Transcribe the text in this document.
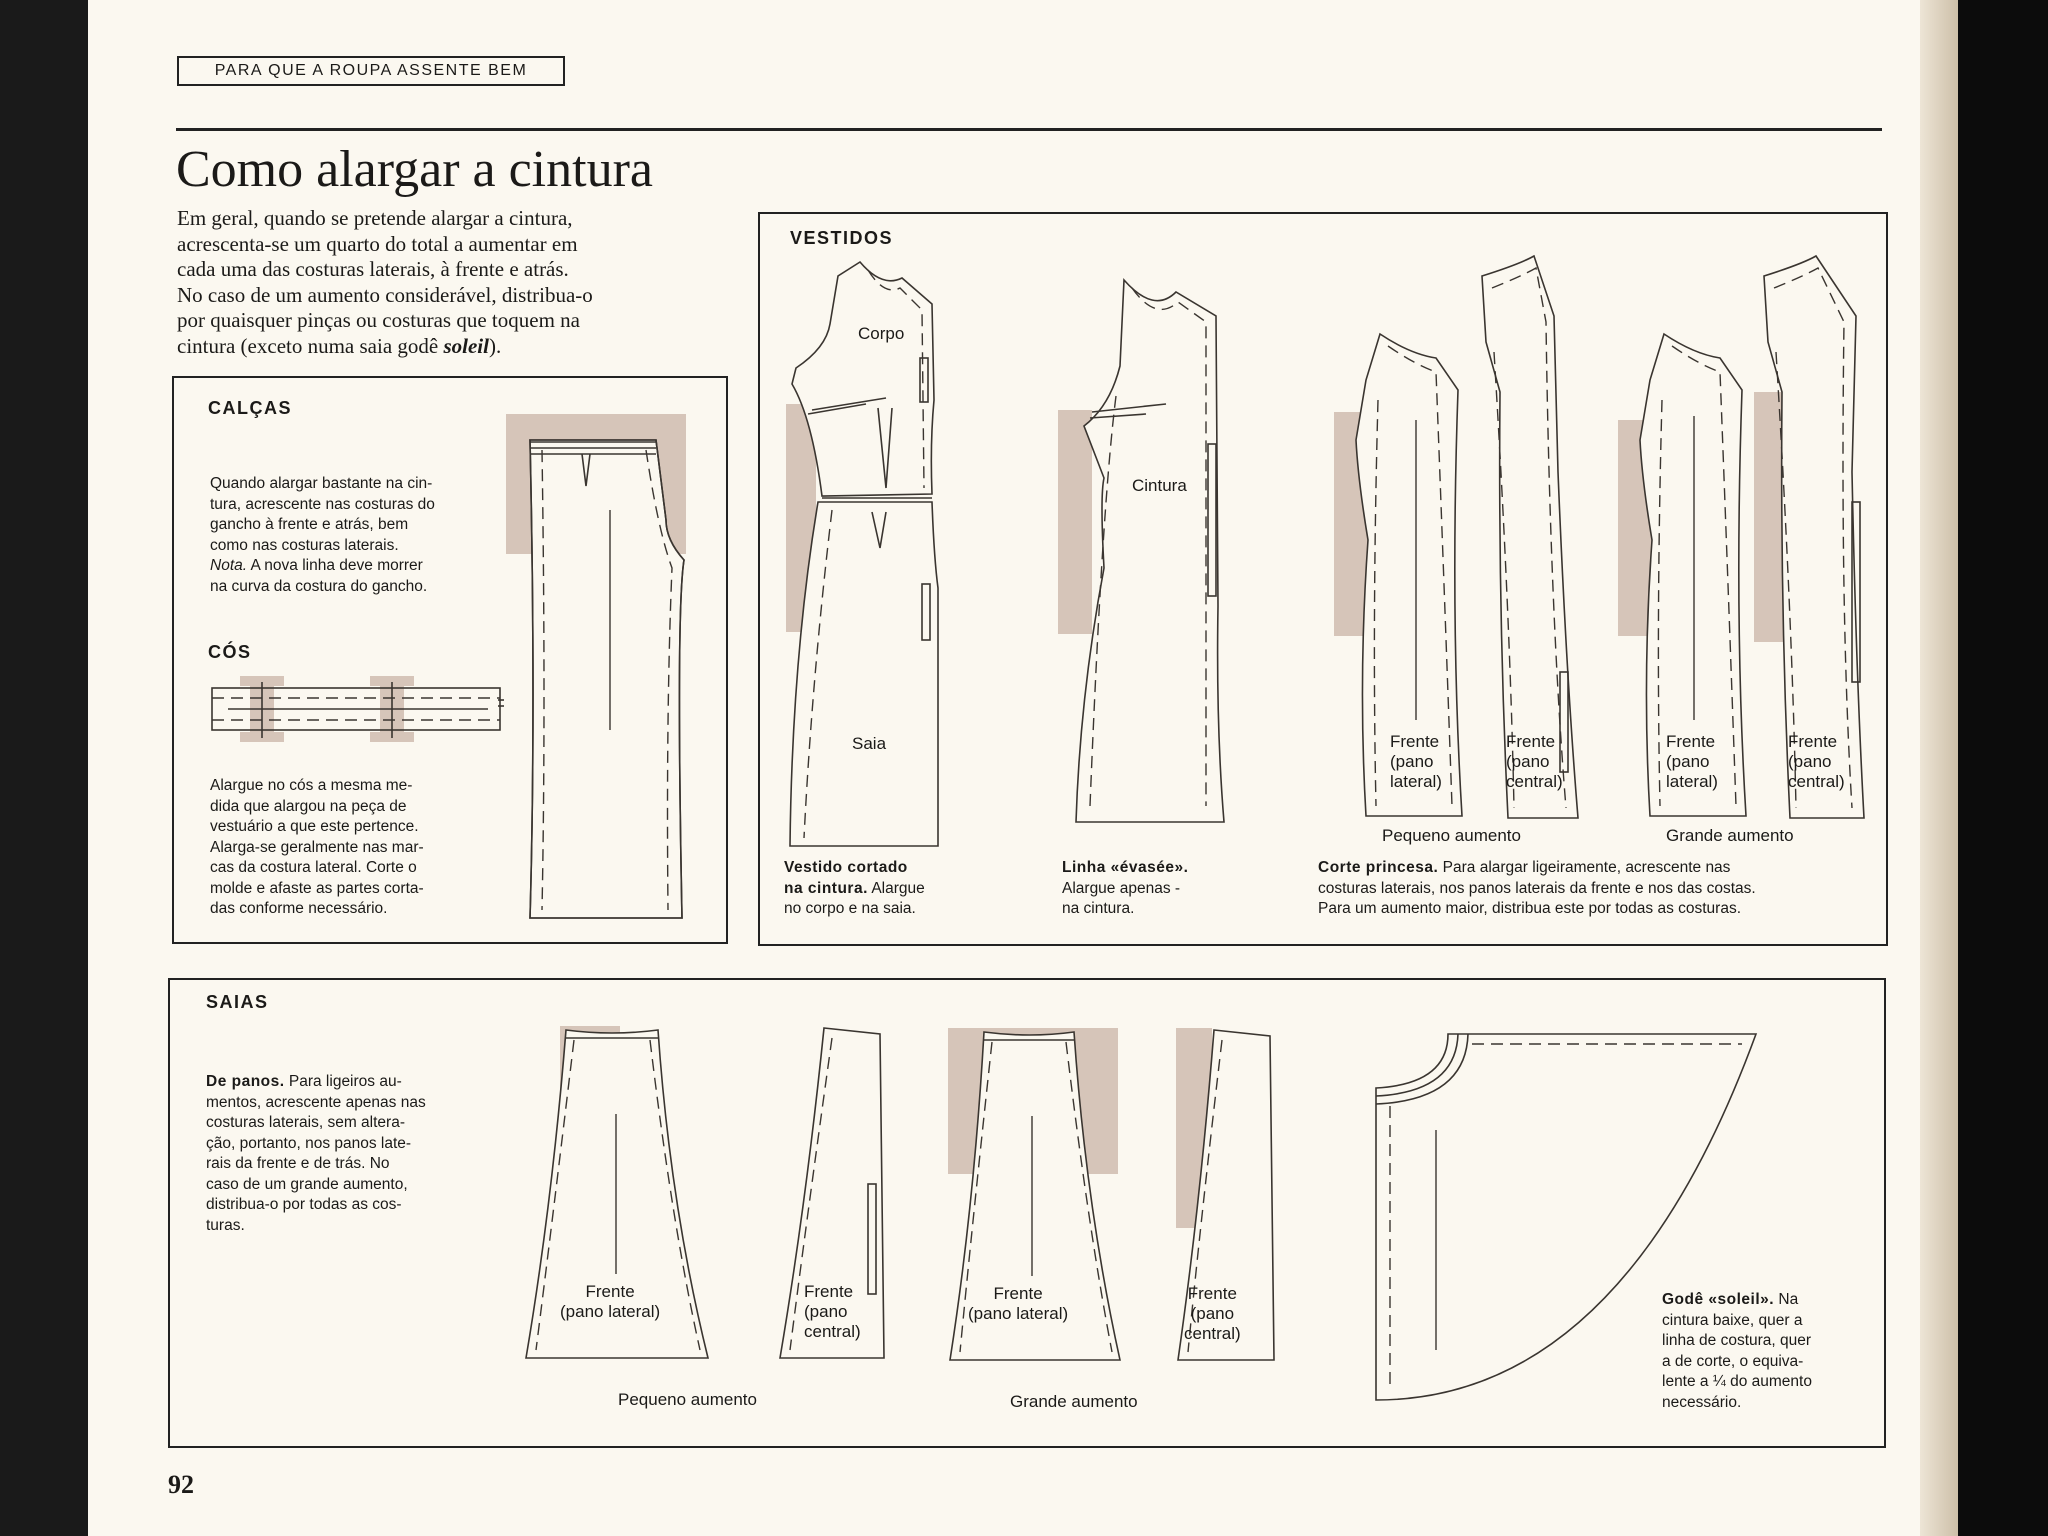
PARA QUE A ROUPA ASSENTE BEM
Como alargar a cintura

Em geral, quando se pretende alargar a cintura,

acrescenta-se um quarto do total a aumentar em

cada uma das costuras laterais, à frente e atrás.

No caso de um aumento considerável, distribua-o

por quaisquer pinças ou costuras que toquem na

cintura (exceto numa saia godê soleil).

CALÇAS

Quando alargar bastante na cin-

tura, acrescente nas costuras do

gancho à frente e atrás, bem

como nas costuras laterais.

Nota. A nova linha deve morrer

na curva da costura do gancho.

CÓS

Alargue no cós a mesma me-

dida que alargou na peça de

vestuário a que este pertence.

Alarga-se geralmente nas mar-

cas da costura lateral. Corte o

molde e afaste as partes corta-

das conforme necessário.

VESTIDOS
Corpo
Saia
Cintura
Frente
(pano
lateral)
Frente
(pano
central)
Pequeno aumento
Frente
(pano
lateral)
Frente
(pano
central)
Grande aumento

Vestido cortado

na cintura. Alargue

no corpo e na saia.

Linha «évasée».

Alargue apenas -

na cintura.

Corte princesa. Para alargar ligeiramente, acrescente nas

costuras laterais, nos panos laterais da frente e nos das costas.

Para um aumento maior, distribua este por todas as costuras.

SAIAS

De panos. Para ligeiros au-

mentos, acrescente apenas nas

costuras laterais, sem altera-

ção, portanto, nos panos late-

rais da frente e de trás. No

caso de um grande aumento,

distribua-o por todas as cos-

turas.

Frente
(pano lateral)
Frente
(pano
central)
Pequeno aumento
Frente
(pano lateral)
Frente
(pano
central)
Grande aumento

Godê «soleil». Na

cintura baixe, quer a

linha de costura, quer

a de corte, o equiva-

lente a ¼ do aumento

necessário.

92
